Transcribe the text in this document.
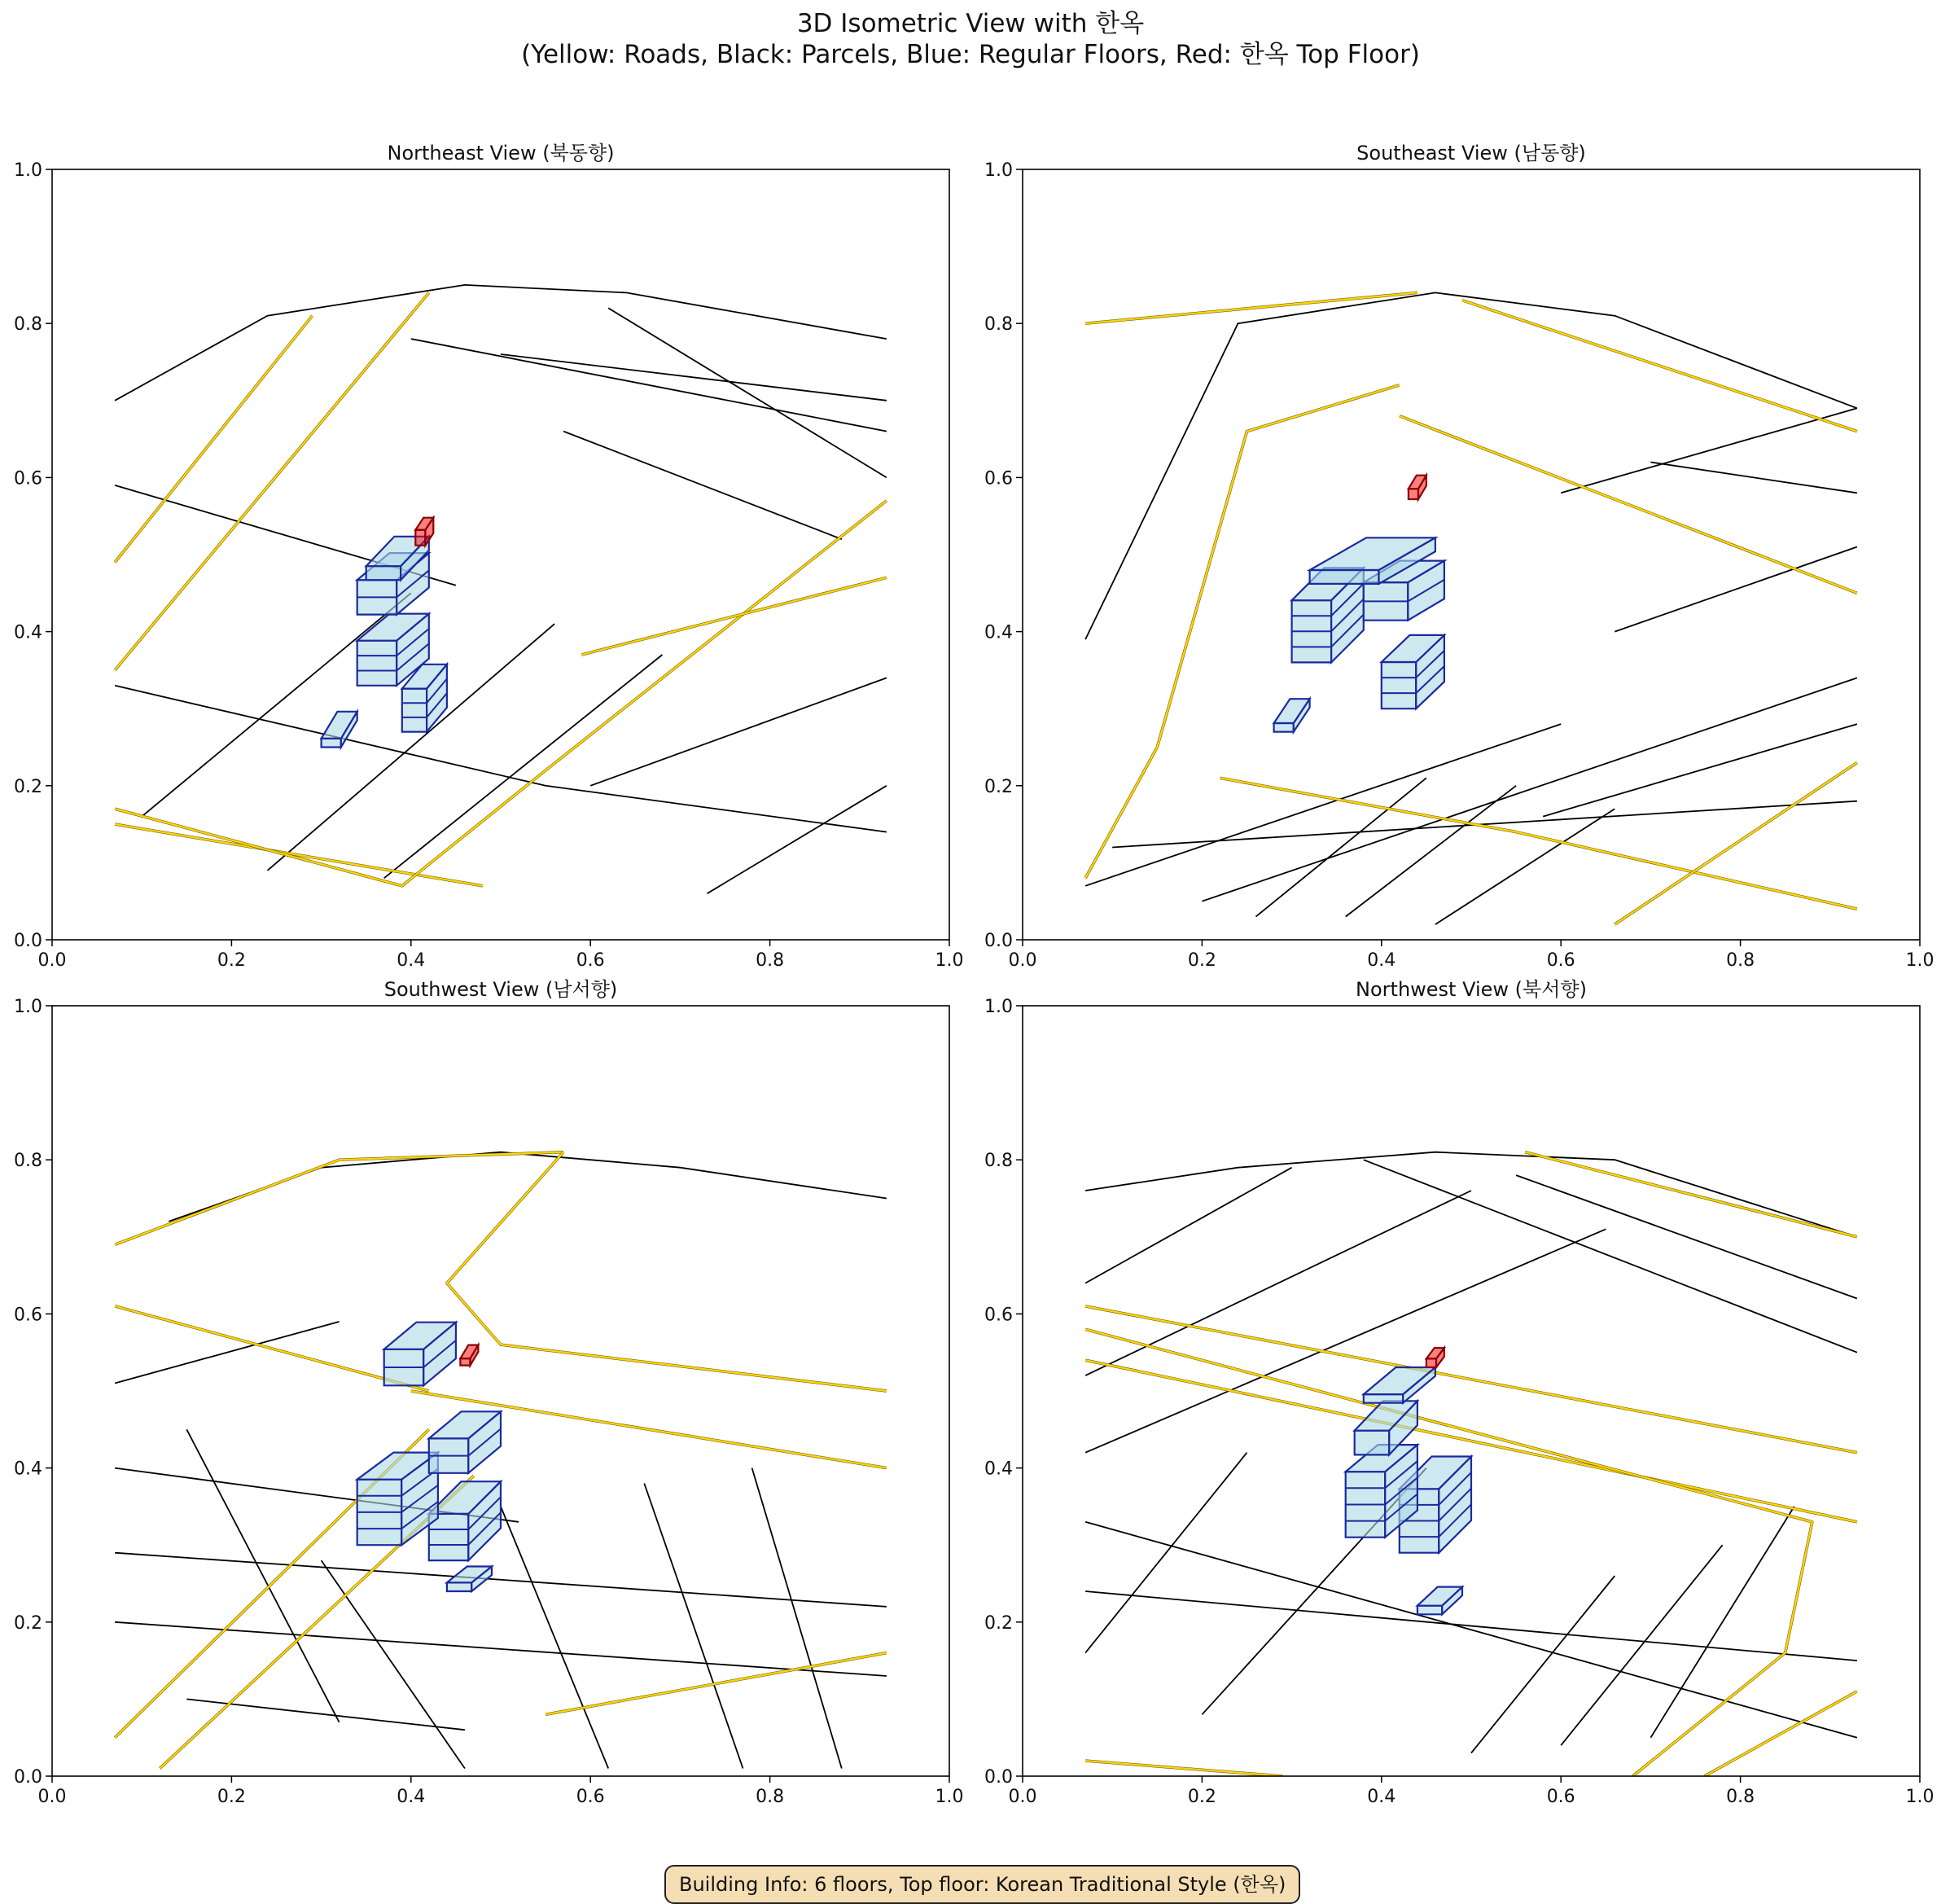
3D Isometric View with 한옥
(Yellow: Roads, Black: Parcels, Blue: Regular Floors, Red: 한옥 Top Floor)
0.0	0.2	0.4	0.6	0.8	1.0
0.0
0.2
0.4
0.6
0.8
1.0
Northeast View (북동향)
0.0	0.2	0.4	0.6	0.8	1.0
0.0
0.2
0.4
0.6
0.8
1.0
Southeast View (남동향)
0.0	0.2	0.4	0.6	0.8	1.0
0.0
0.2
0.4
0.6
0.8
1.0
Southwest View (남서향)
0.0	0.2	0.4	0.6	0.8	1.0
0.0
0.2
0.4
0.6
0.8
1.0
Northwest View (북서향)
Building Info: 6 floors, Top floor: Korean Traditional Style (한옥)
